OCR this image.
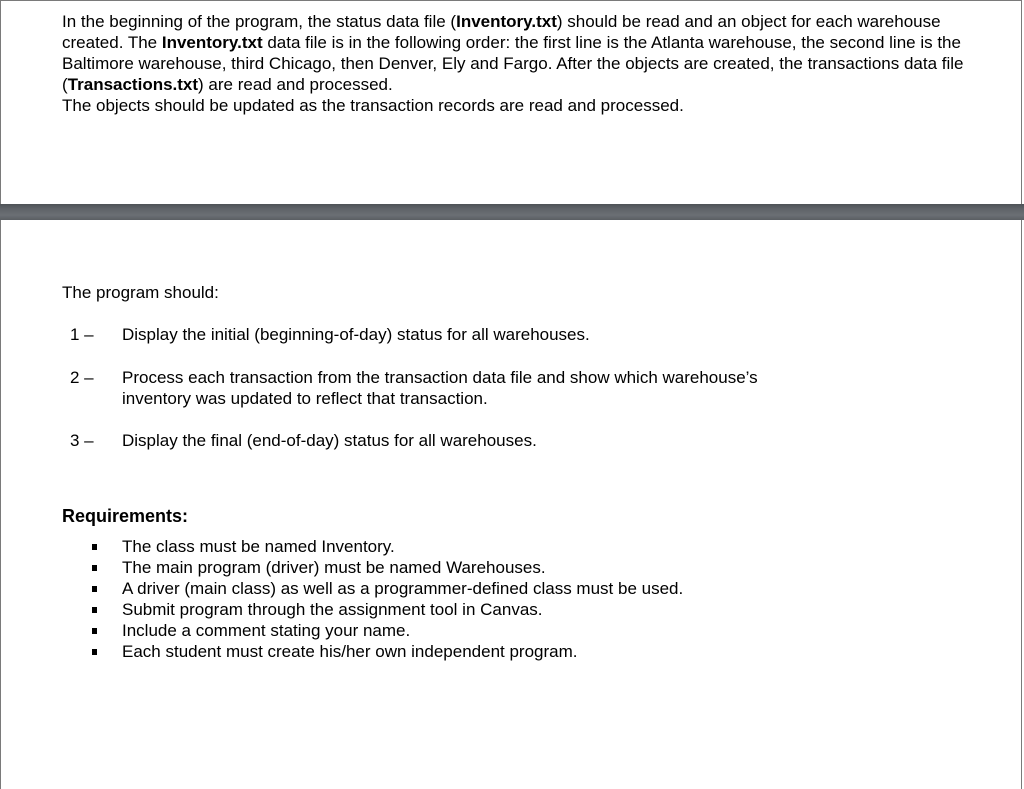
In the beginning of the program, the status data file (Inventory.txt) should be read and an object for each warehouse created. The Inventory.txt data file is in the following order: the first line is the Atlanta warehouse, the second line is the Baltimore warehouse, third Chicago, then Denver, Ely and Fargo. After the objects are created, the transactions data file (Transactions.txt) are read and processed.
The objects should be updated as the transaction records are read and processed.

The program should:

1 – Display the initial (beginning-of-day) status for all warehouses.
2 – Process each transaction from the transaction data file and show which warehouse’s inventory was updated to reflect that transaction.
3 – Display the final (end-of-day) status for all warehouses.

Requirements:

The class must be named Inventory.
The main program (driver) must be named Warehouses.
A driver (main class) as well as a programmer-defined class must be used.
Submit program through the assignment tool in Canvas.
Include a comment stating your name.
Each student must create his/her own independent program.
